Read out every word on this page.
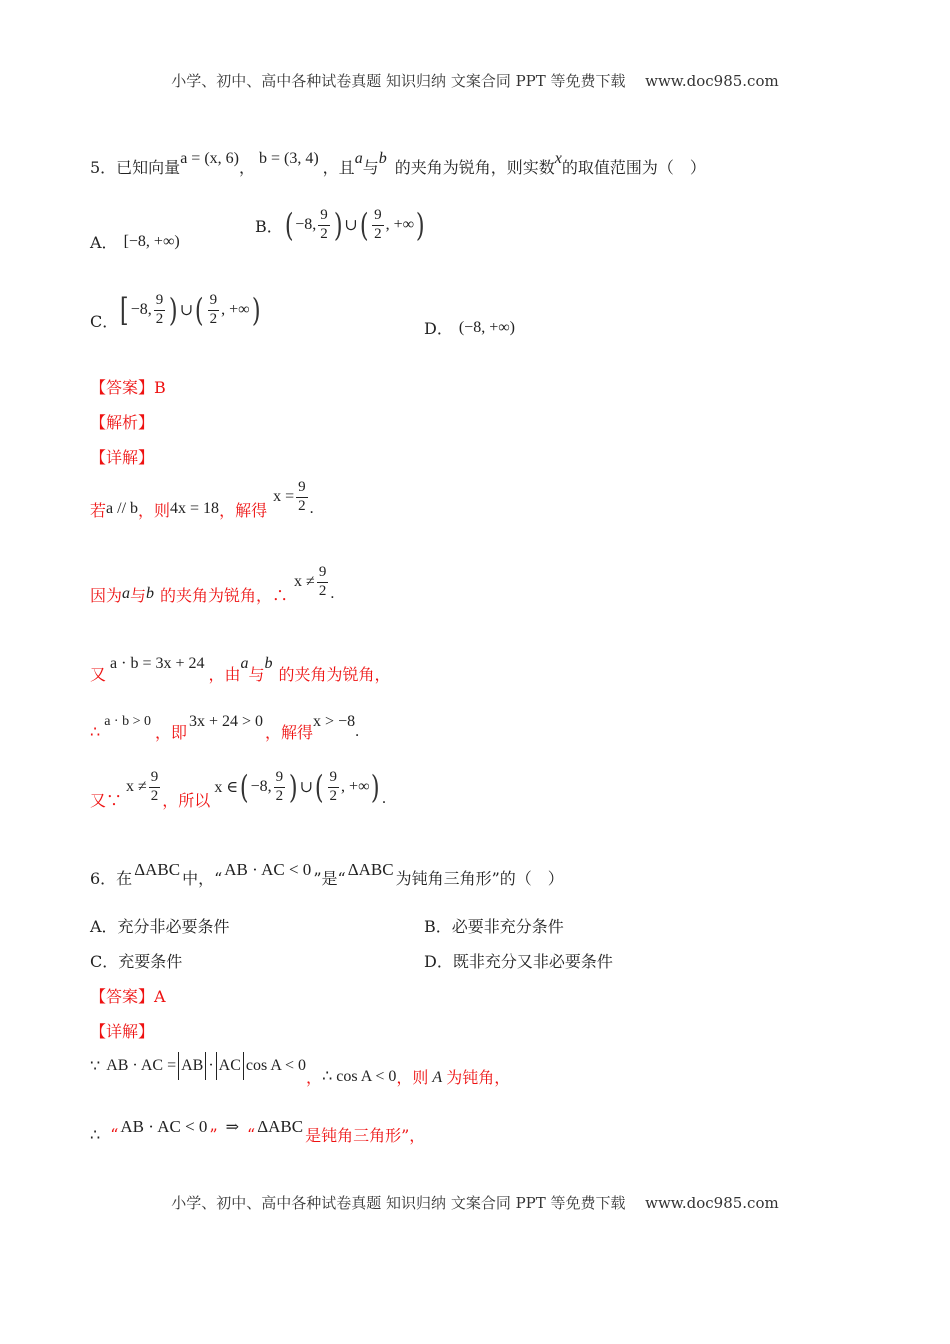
小学、初中、高中各种试卷真题 知识归纳 文案合同 PPT 等免费下载 www.doc985.com
5．已知向量 a = (x, 6) ， b = (3, 4) ，且 a 与 b 的夹角为锐角，则实数 x 的取值范围为（　）
A． [−8, +∞)
B． ( −8, $\frac{9}{2}$ ) ∪ ( $\frac{9}{2}$ , +∞ )
C． [ −8, $\frac{9}{2}$ ) ∪ ( $\frac{9}{2}$ , +∞ )	D． (−8, +∞)
【答案】B
【解析】
【详解】
若 a // b ，则 4x = 18 ，解得
$x = \frac{9}{2}$ .
因为 a 与 b 的夹角为锐角，∴
$x \ne \frac{9}{2}$ .
又
a · b = 3x + 24
，由
a
与
b
的夹角为锐角，
∴
a · b > 0
，即
3x + 24 > 0
，解得
x > −8
.
又∵
$x \ne \frac{9}{2}$ ，所以
x ∈ ( −8, $\frac{9}{2}$ ) ∪ ( $\frac{9}{2}$ , +∞ ) .
6．在 ΔABC 中，“ AB · AC < 0 ”是“ ΔABC 为钝角三角形”的（　）
A．充分非必要条件	B．必要非充分条件
C．充要条件	D．既非充分又非必要条件
【答案】A
【详解】
∵ AB · AC = AB · AC cos A < 0
， ∴ cos A < 0 ，则 A 为钝角，
∴ “ AB · AC < 0 ” ⇒ “ ΔABC 是钝角三角形”，
小学、初中、高中各种试卷真题 知识归纳 文案合同 PPT 等免费下载 www.doc985.com
